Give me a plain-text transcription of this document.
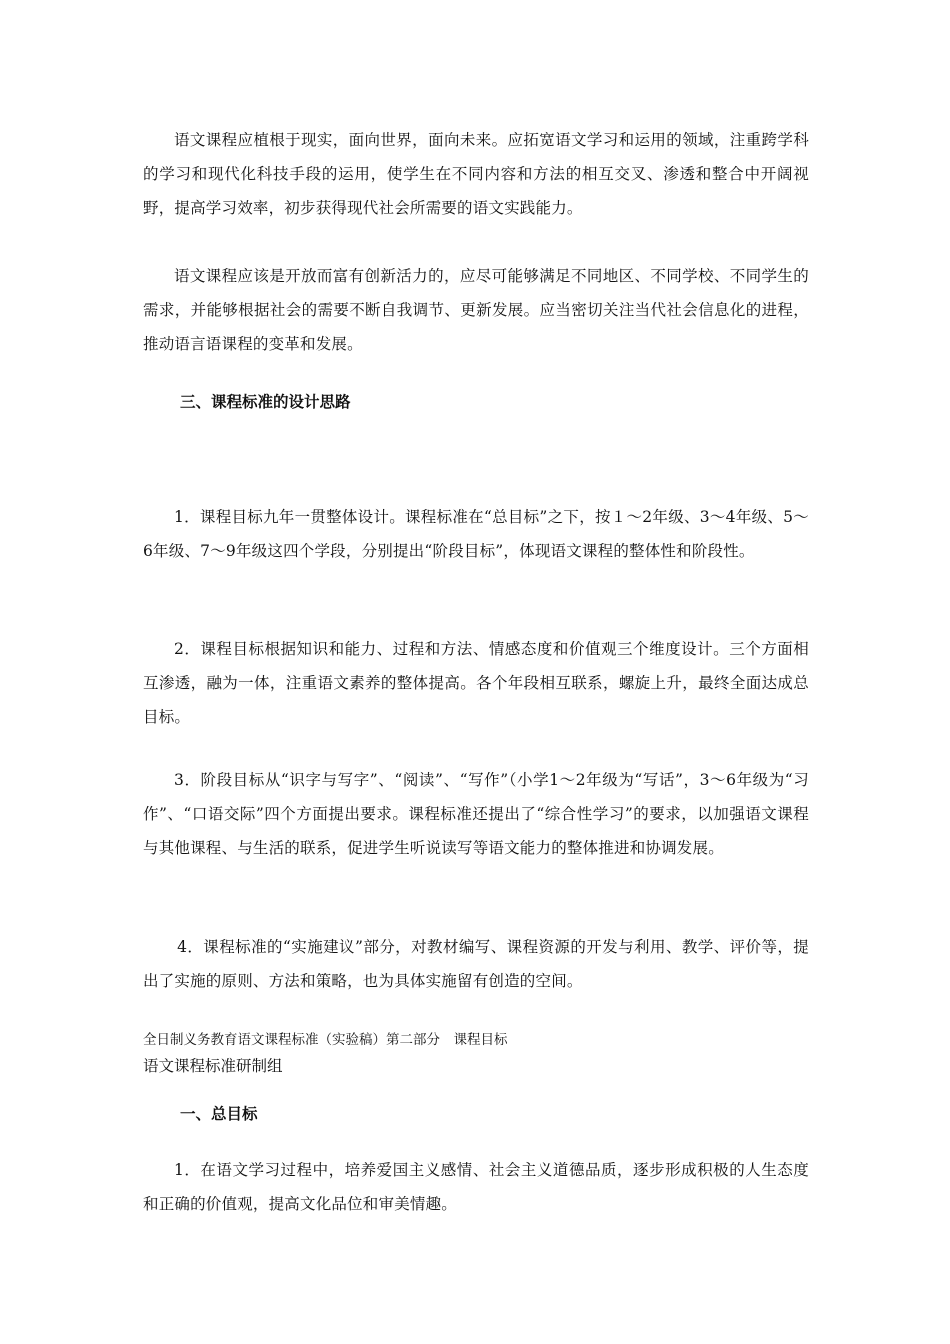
语文课程应植根于现实，面向世界，面向未来。应拓宽语文学习和运用的领域，注重跨学科的学习和现代化科技手段的运用，使学生在不同内容和方法的相互交叉、渗透和整合中开阔视野，提高学习效率，初步获得现代社会所需要的语文实践能力。

语文课程应该是开放而富有创新活力的，应尽可能够满足不同地区、不同学校、不同学生的需求，并能够根据社会的需要不断自我调节、更新发展。应当密切关注当代社会信息化的进程，推动语言语课程的变革和发展。

三、课程标准的设计思路

1．课程目标九年一贯整体设计。课程标准在“总目标”之下，按１～2年级、3～4年级、5～6年级、7～9年级这四个学段，分别提出“阶段目标”，体现语文课程的整体性和阶段性。

2．课程目标根据知识和能力、过程和方法、情感态度和价值观三个维度设计。三个方面相互渗透，融为一体，注重语文素养的整体提高。各个年段相互联系，螺旋上升，最终全面达成总目标。

3．阶段目标从“识字与写字”、“阅读”、“写作”（小学1～2年级为“写话”，3～6年级为“习作”、“口语交际”四个方面提出要求。课程标准还提出了“综合性学习”的要求，以加强语文课程与其他课程、与生活的联系，促进学生听说读写等语文能力的整体推进和协调发展。

4．课程标准的“实施建议”部分，对教材编写、课程资源的开发与利用、教学、评价等，提出了实施的原则、方法和策略，也为具体实施留有创造的空间。

全日制义务教育语文课程标准（实验稿）第二部分　课程目标

语文课程标准研制组

一、总目标

1．在语文学习过程中，培养爱国主义感情、社会主义道德品质，逐步形成积极的人生态度和正确的价值观，提高文化品位和审美情趣。
